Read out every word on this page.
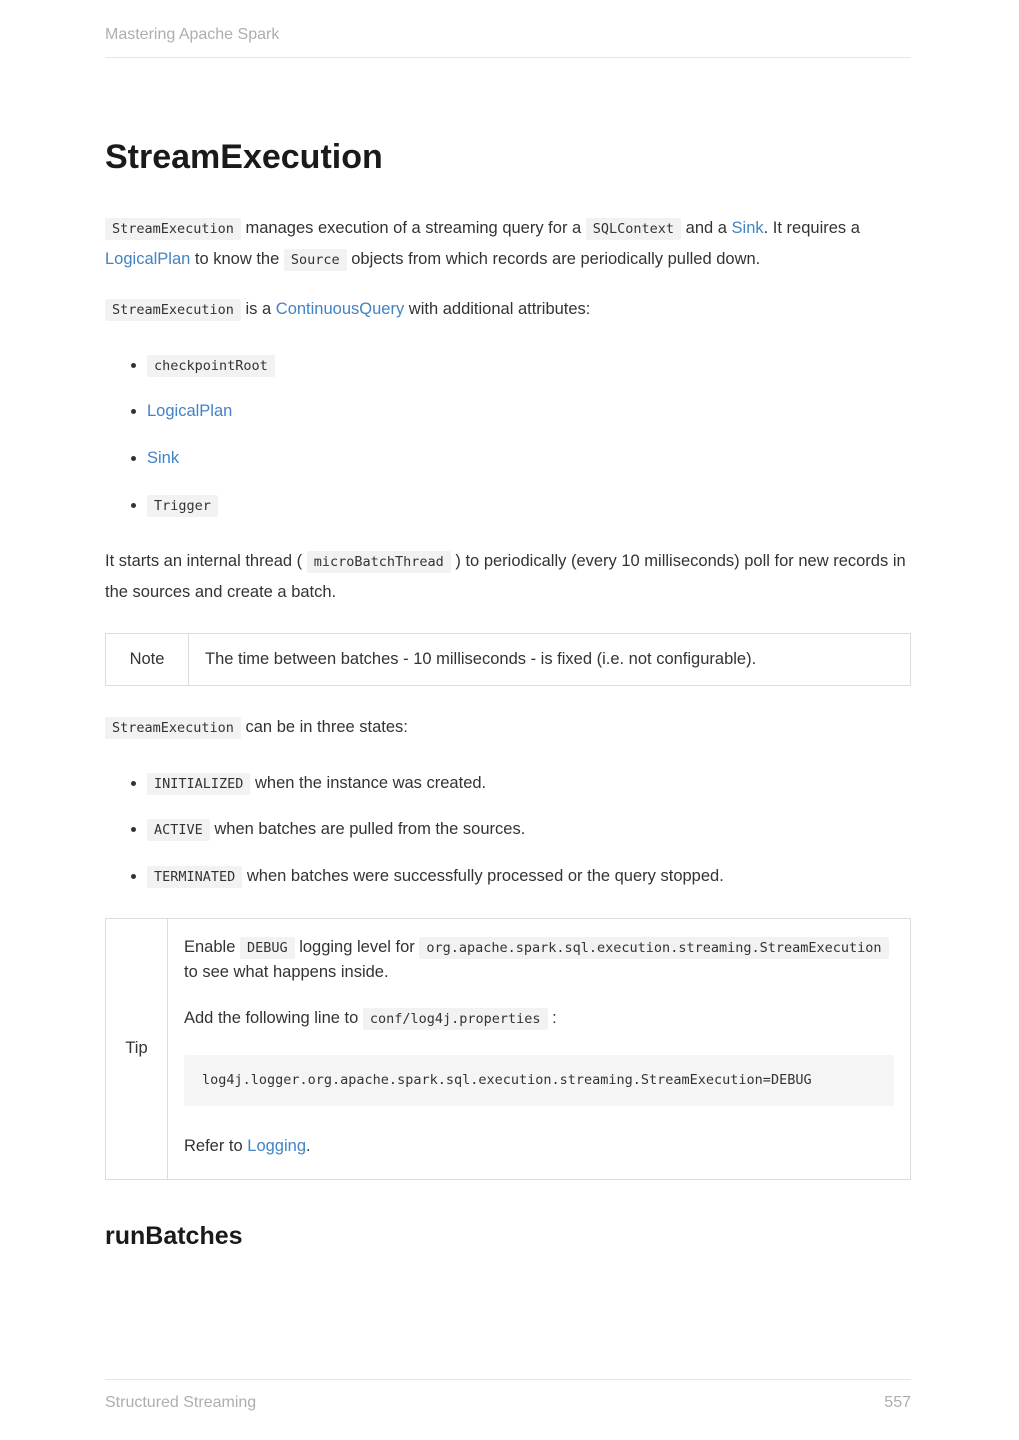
Mastering Apache Spark
StreamExecution

StreamExecution manages execution of a streaming query for a SQLContext and a Sink. It requires a LogicalPlan to know the Source objects from which records are periodically pulled down.

StreamExecution is a ContinuousQuery with additional attributes:

• checkpointRoot
• LogicalPlan
• Sink
• Trigger

It starts an internal thread ( microBatchThread ) to periodically (every 10 milliseconds) poll for new records in the sources and create a batch.

Note	The time between batches - 10 milliseconds - is fixed (i.e. not configurable).

StreamExecution can be in three states:

• INITIALIZED when the instance was created.
• ACTIVE when batches are pulled from the sources.
• TERMINATED when batches were successfully processed or the query stopped.
Tip

Enable DEBUG logging level for org.apache.spark.sql.execution.streaming.StreamExecution to see what happens inside.

Add the following line to conf/log4j.properties :

log4j.logger.org.apache.spark.sql.execution.streaming.StreamExecution=DEBUG

Refer to Logging.

runBatches
Structured Streaming	557
